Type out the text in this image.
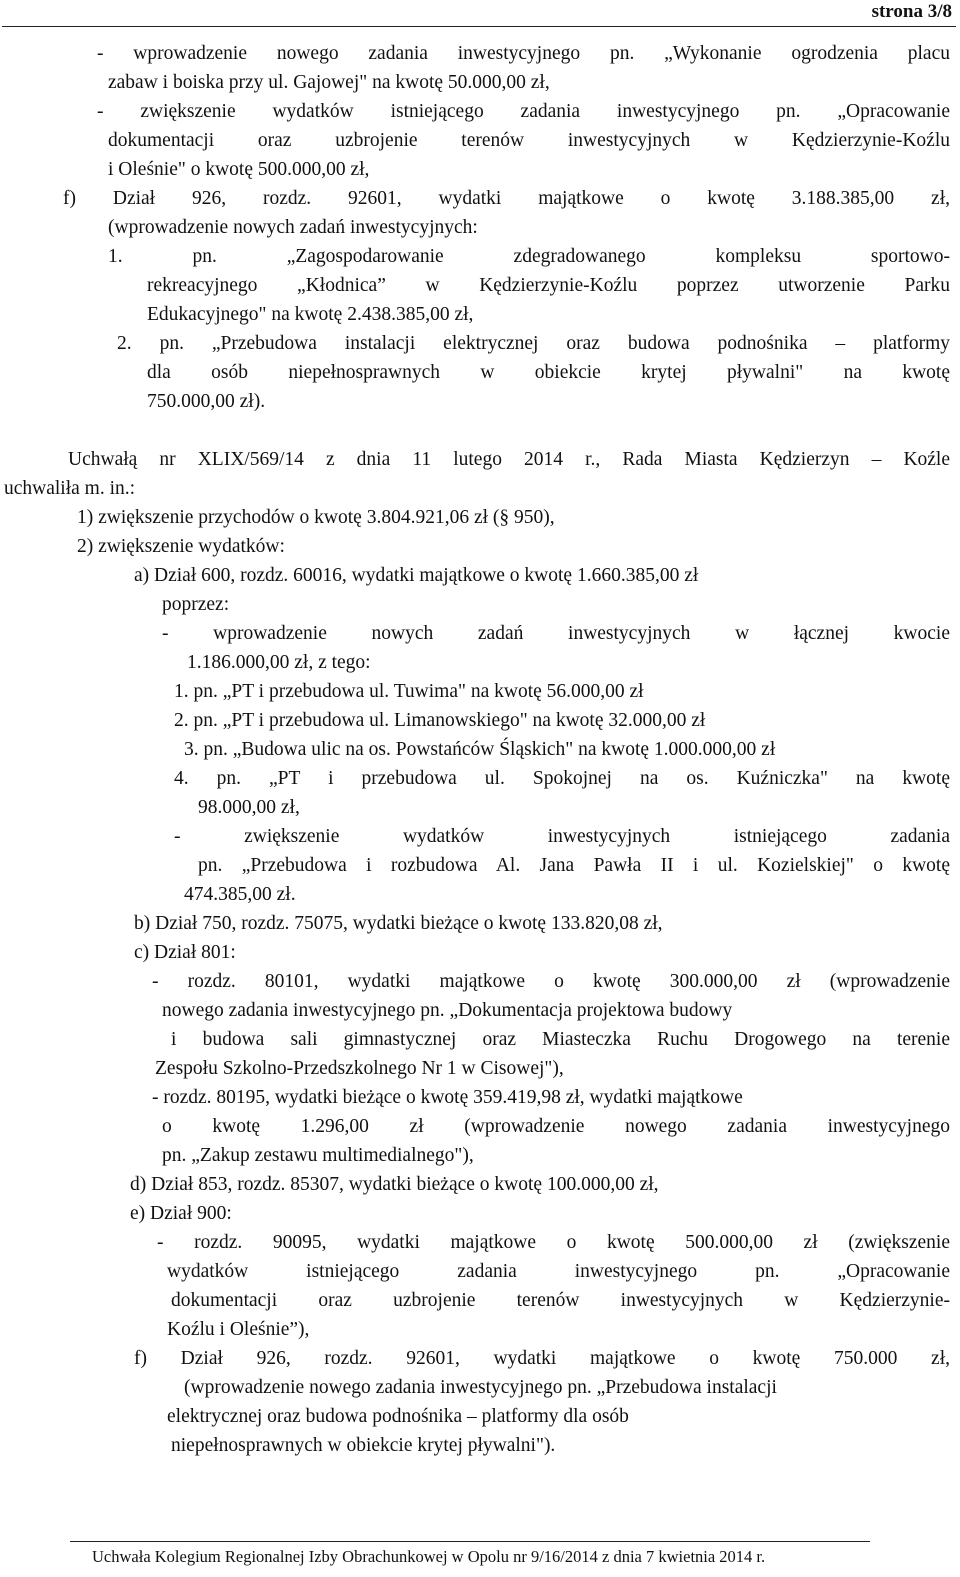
strona 3/8
- wprowadzenie nowego zadania inwestycyjnego pn. „Wykonanie ogrodzenia placu
zabaw i boiska przy ul. Gajowej" na kwotę 50.000,00 zł,
- zwiększenie wydatków istniejącego zadania inwestycyjnego pn. „Opracowanie
dokumentacji oraz uzbrojenie terenów inwestycyjnych w Kędzierzynie-Koźlu
i Oleśnie" o kwotę 500.000,00 zł,
f) Dział 926, rozdz. 92601, wydatki majątkowe o kwotę 3.188.385,00 zł,
(wprowadzenie nowych zadań inwestycyjnych:
1. pn. „Zagospodarowanie zdegradowanego kompleksu sportowo-
rekreacyjnego „Kłodnica” w Kędzierzynie-Koźlu poprzez utworzenie Parku
Edukacyjnego" na kwotę 2.438.385,00 zł,
2. pn. „Przebudowa instalacji elektrycznej oraz budowa podnośnika – platformy
dla osób niepełnosprawnych w obiekcie krytej pływalni" na kwotę
750.000,00 zł).
Uchwałą nr XLIX/569/14 z dnia 11 lutego 2014 r., Rada Miasta Kędzierzyn – Koźle
uchwaliła m. in.:
1) zwiększenie przychodów o kwotę 3.804.921,06 zł (§ 950),
2) zwiększenie wydatków:
a) Dział 600, rozdz. 60016, wydatki majątkowe o kwotę 1.660.385,00 zł
poprzez:
- wprowadzenie nowych zadań inwestycyjnych w łącznej kwocie
1.186.000,00 zł, z tego:
1. pn. „PT i przebudowa ul. Tuwima" na kwotę 56.000,00 zł
2. pn. „PT i przebudowa ul. Limanowskiego" na kwotę 32.000,00 zł
3. pn. „Budowa ulic na os. Powstańców Śląskich" na kwotę 1.000.000,00 zł
4. pn. „PT i przebudowa ul. Spokojnej na os. Kuźniczka" na kwotę
98.000,00 zł,
- zwiększenie wydatków inwestycyjnych istniejącego zadania
pn. „Przebudowa i rozbudowa Al. Jana Pawła II i ul. Kozielskiej" o kwotę
474.385,00 zł.
b) Dział 750, rozdz. 75075, wydatki bieżące o kwotę 133.820,08 zł,
c) Dział 801:
- rozdz. 80101, wydatki majątkowe o kwotę 300.000,00 zł (wprowadzenie
nowego zadania inwestycyjnego pn. „Dokumentacja projektowa budowy
i budowa sali gimnastycznej oraz Miasteczka Ruchu Drogowego na terenie
Zespołu Szkolno-Przedszkolnego Nr 1 w Cisowej"),
- rozdz. 80195, wydatki bieżące o kwotę 359.419,98 zł, wydatki majątkowe
o kwotę 1.296,00 zł (wprowadzenie nowego zadania inwestycyjnego
pn. „Zakup zestawu multimedialnego"),
d) Dział 853, rozdz. 85307, wydatki bieżące o kwotę 100.000,00 zł,
e) Dział 900:
- rozdz. 90095, wydatki majątkowe o kwotę 500.000,00 zł (zwiększenie
wydatków istniejącego zadania inwestycyjnego pn. „Opracowanie
dokumentacji oraz uzbrojenie terenów inwestycyjnych w Kędzierzynie-
Koźlu i Oleśnie”),
f) Dział 926, rozdz. 92601, wydatki majątkowe o kwotę 750.000 zł,
(wprowadzenie nowego zadania inwestycyjnego pn. „Przebudowa instalacji
elektrycznej oraz budowa podnośnika – platformy dla osób
niepełnosprawnych w obiekcie krytej pływalni").
Uchwała Kolegium Regionalnej Izby Obrachunkowej w Opolu nr 9/16/2014 z dnia 7 kwietnia 2014 r.
